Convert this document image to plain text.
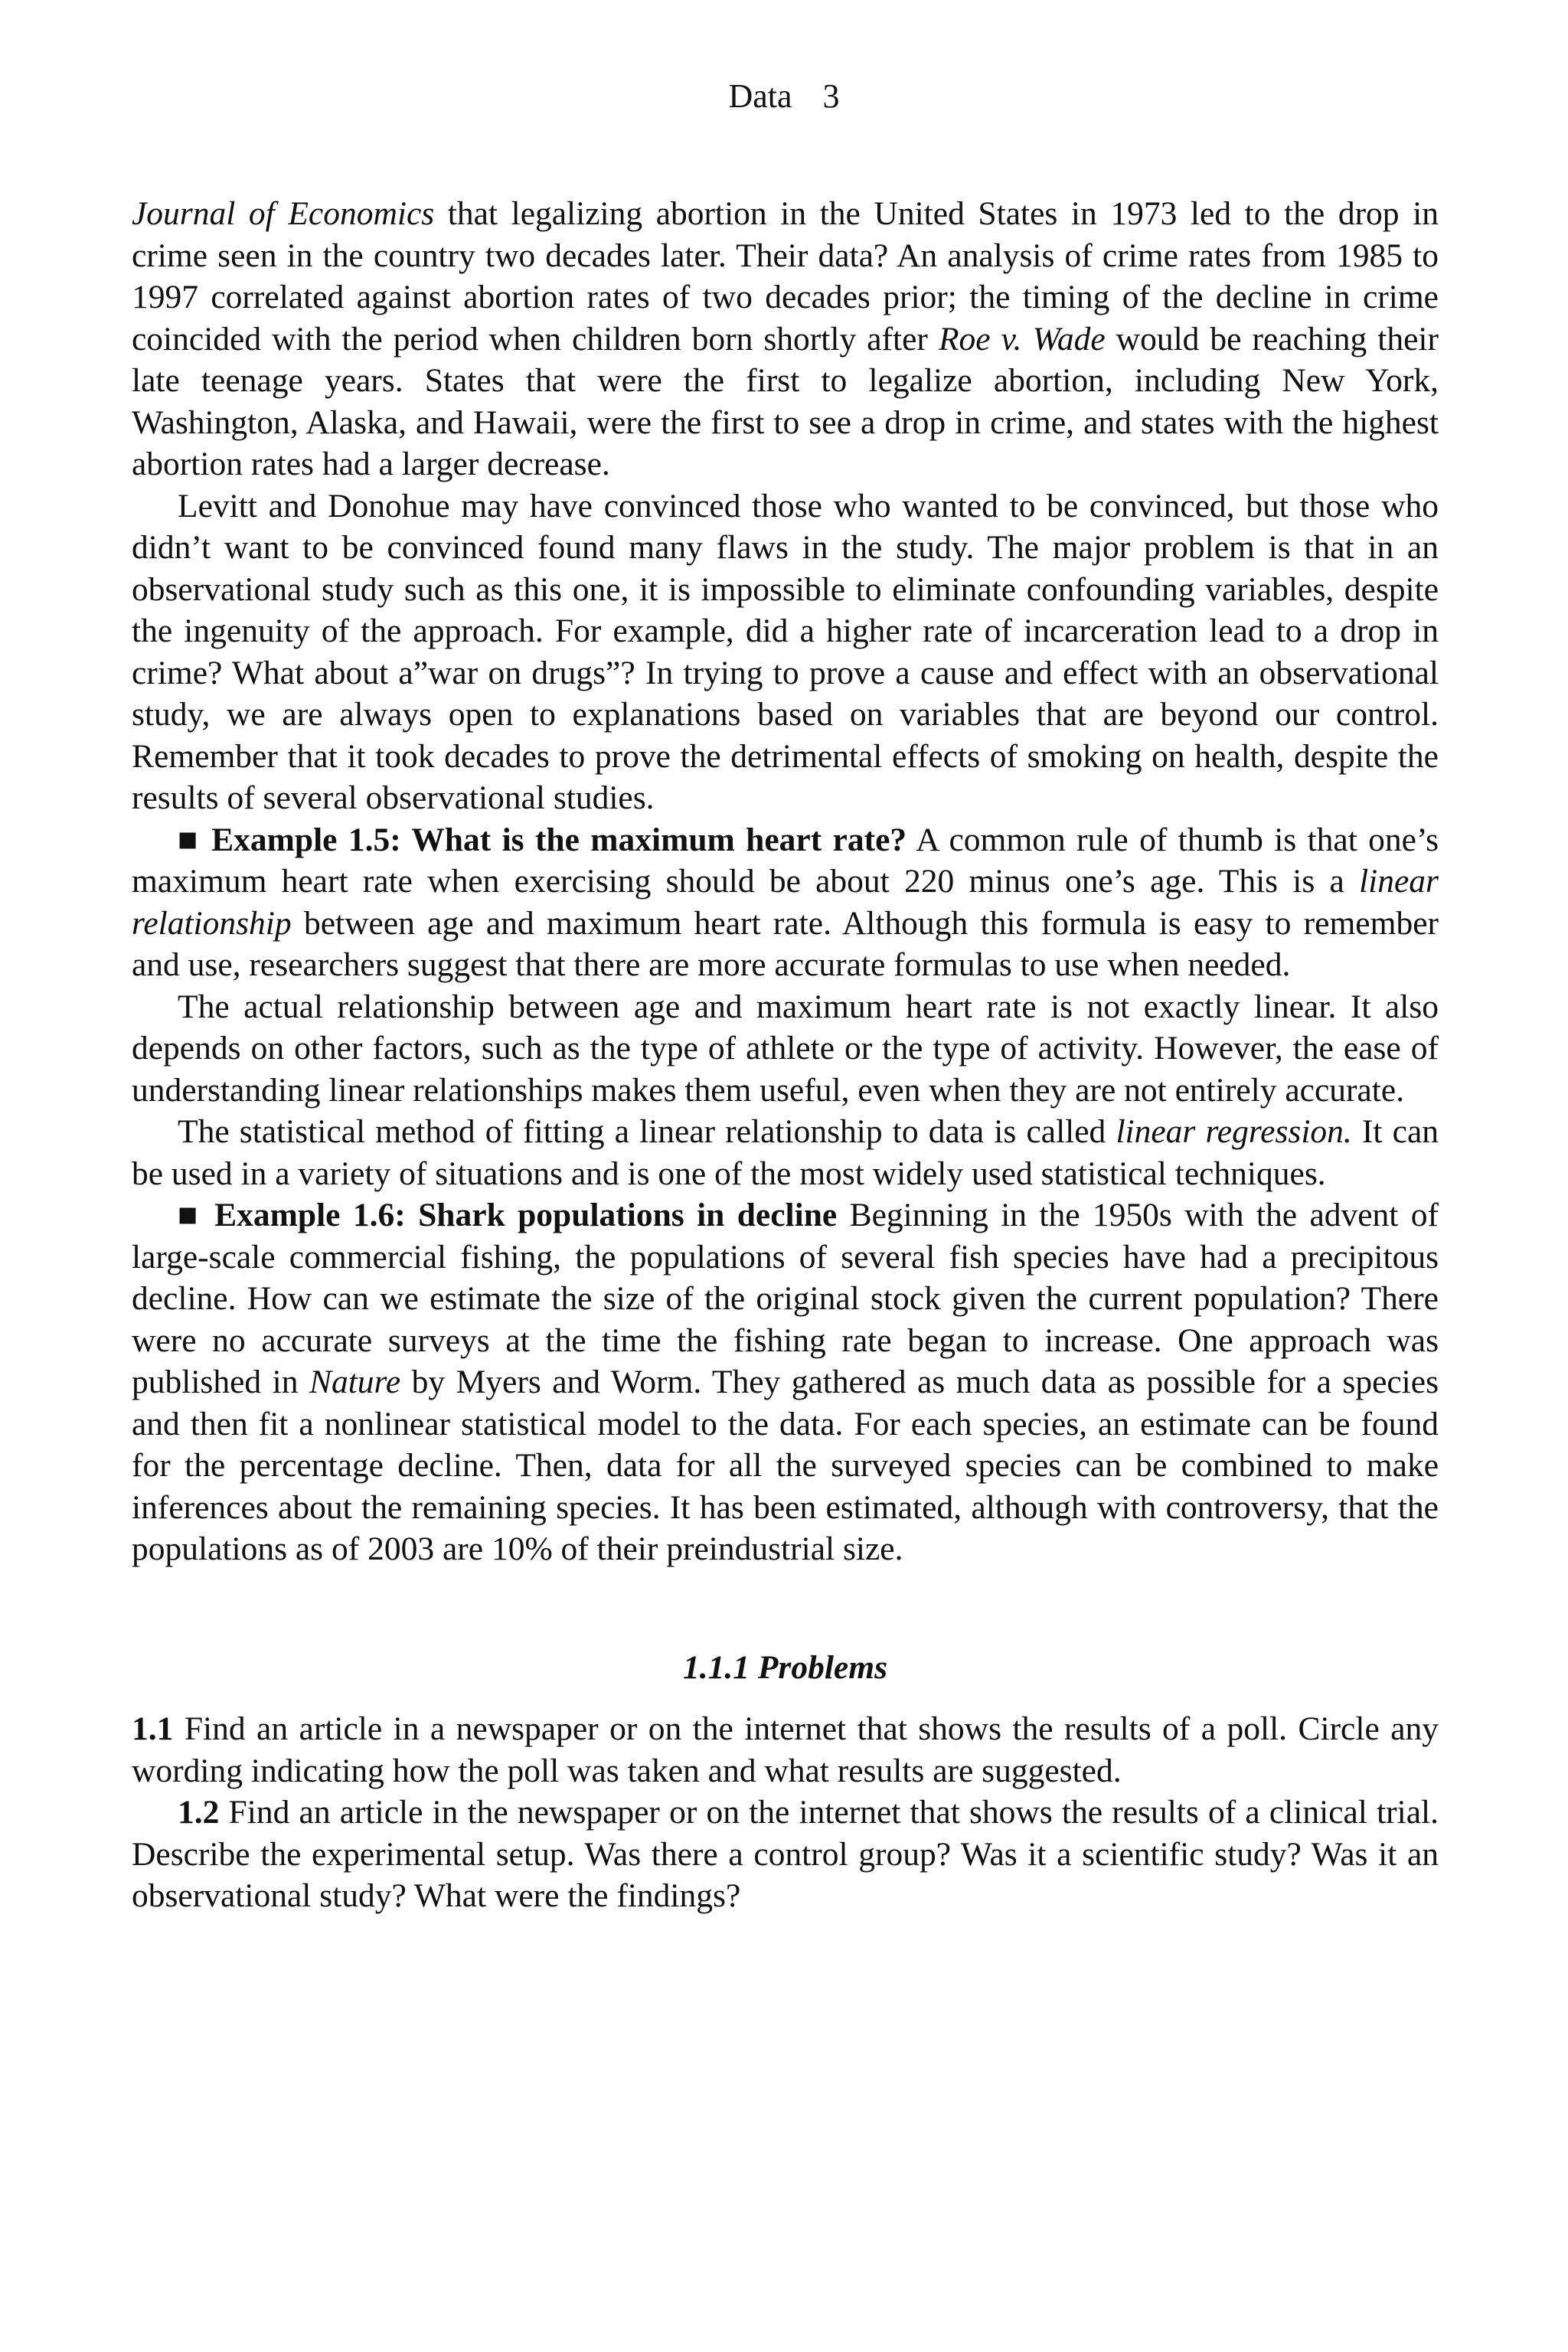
Data 3

Journal of Economics that legalizing abortion in the United States in 1973 led to the drop in crime seen in the country two decades later. Their data? An analysis of crime rates from 1985 to 1997 correlated against abortion rates of two decades prior; the timing of the decline in crime coincided with the period when children born shortly after Roe v. Wade would be reaching their late teenage years. States that were the first to legalize abortion, including New York, Washington, Alaska, and Hawaii, were the first to see a drop in crime, and states with the highest abortion rates had a larger decrease.

Levitt and Donohue may have convinced those who wanted to be convinced, but those who didn’t want to be convinced found many flaws in the study. The major problem is that in an observational study such as this one, it is impossible to eliminate confounding variables, despite the ingenuity of the approach. For example, did a higher rate of incarceration lead to a drop in crime? What about a”war on drugs”? In trying to prove a cause and effect with an observational study, we are always open to explanations based on variables that are beyond our control. Remember that it took decades to prove the detrimental effects of smoking on health, despite the results of several observational studies.

■ Example 1.5: What is the maximum heart rate? A common rule of thumb is that one’s maximum heart rate when exercising should be about 220 minus one’s age. This is a linear relationship between age and maximum heart rate. Although this formula is easy to remember and use, researchers suggest that there are more accurate formulas to use when needed.

The actual relationship between age and maximum heart rate is not exactly linear. It also depends on other factors, such as the type of athlete or the type of activity. However, the ease of understanding linear relationships makes them useful, even when they are not entirely accurate.

The statistical method of fitting a linear relationship to data is called linear regression. It can be used in a variety of situations and is one of the most widely used statistical techniques.

■ Example 1.6: Shark populations in decline Beginning in the 1950s with the advent of large-scale commercial fishing, the populations of several fish species have had a precipitous decline. How can we estimate the size of the original stock given the current population? There were no accurate surveys at the time the fishing rate began to increase. One approach was published in Nature by Myers and Worm. They gathered as much data as possible for a species and then fit a nonlinear statistical model to the data. For each species, an estimate can be found for the percentage decline. Then, data for all the surveyed species can be combined to make inferences about the remaining species. It has been estimated, although with controversy, that the populations as of 2003 are 10% of their preindustrial size.

1.1.1 Problems

1.1 Find an article in a newspaper or on the internet that shows the results of a poll. Circle any wording indicating how the poll was taken and what results are suggested.

1.2 Find an article in the newspaper or on the internet that shows the results of a clinical trial. Describe the experimental setup. Was there a control group? Was it a scientific study? Was it an observational study? What were the findings?
